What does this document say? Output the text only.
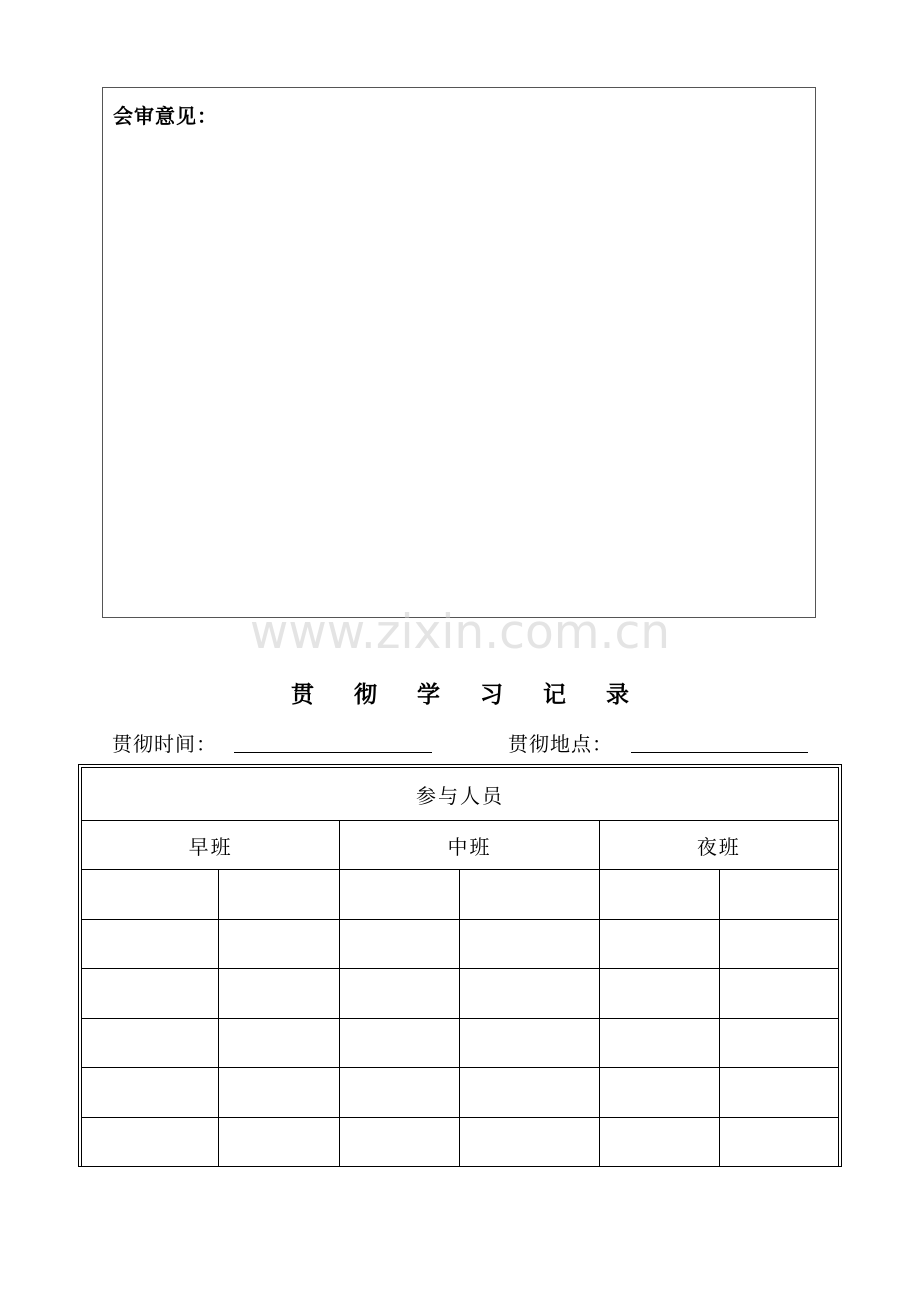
会审意见：
www.zixin.com.cn
贯 彻 学 习 记 录
贯彻时间：	贯彻地点：
参与人员					
早班		中班		夜班	
